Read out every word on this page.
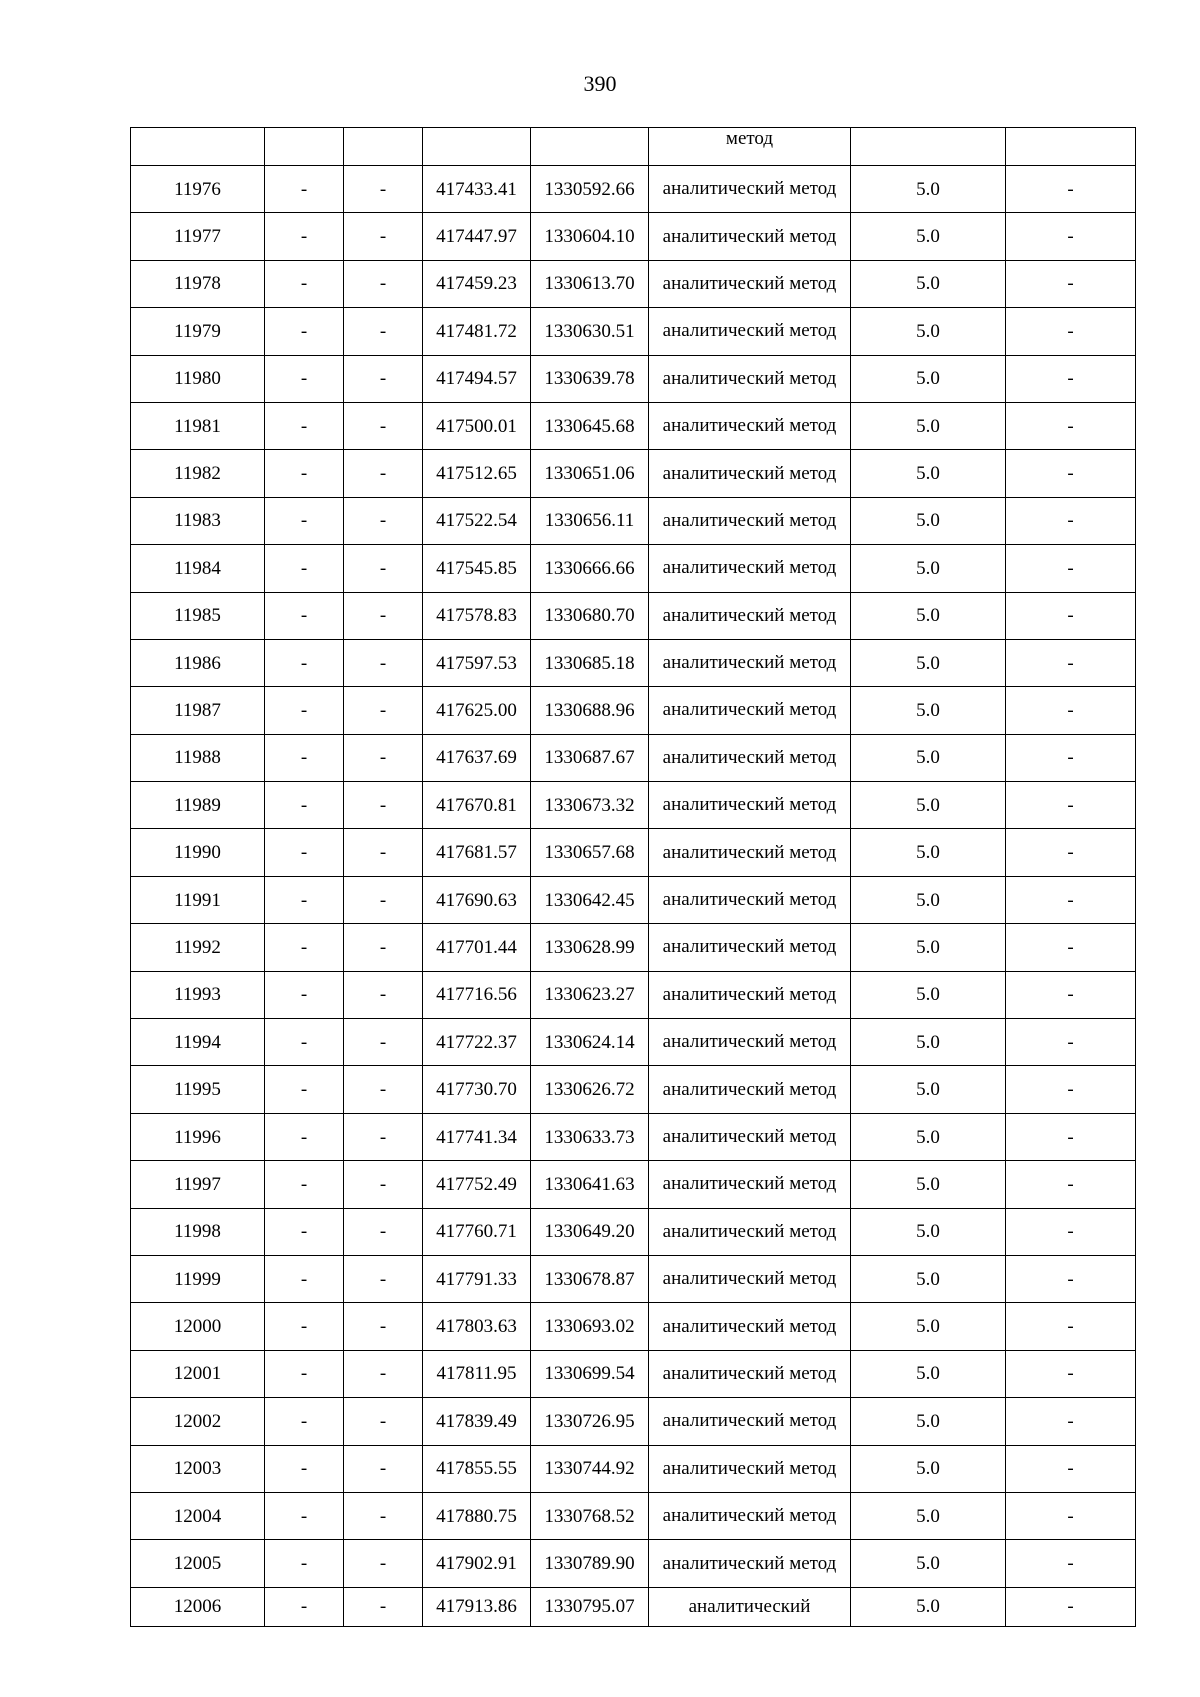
390
					метод		
11976	-	-	417433.41	1330592.66	аналитический метод	5.0	-
11977	-	-	417447.97	1330604.10	аналитический метод	5.0	-
11978	-	-	417459.23	1330613.70	аналитический метод	5.0	-
11979	-	-	417481.72	1330630.51	аналитический метод	5.0	-
11980	-	-	417494.57	1330639.78	аналитический метод	5.0	-
11981	-	-	417500.01	1330645.68	аналитический метод	5.0	-
11982	-	-	417512.65	1330651.06	аналитический метод	5.0	-
11983	-	-	417522.54	1330656.11	аналитический метод	5.0	-
11984	-	-	417545.85	1330666.66	аналитический метод	5.0	-
11985	-	-	417578.83	1330680.70	аналитический метод	5.0	-
11986	-	-	417597.53	1330685.18	аналитический метод	5.0	-
11987	-	-	417625.00	1330688.96	аналитический метод	5.0	-
11988	-	-	417637.69	1330687.67	аналитический метод	5.0	-
11989	-	-	417670.81	1330673.32	аналитический метод	5.0	-
11990	-	-	417681.57	1330657.68	аналитический метод	5.0	-
11991	-	-	417690.63	1330642.45	аналитический метод	5.0	-
11992	-	-	417701.44	1330628.99	аналитический метод	5.0	-
11993	-	-	417716.56	1330623.27	аналитический метод	5.0	-
11994	-	-	417722.37	1330624.14	аналитический метод	5.0	-
11995	-	-	417730.70	1330626.72	аналитический метод	5.0	-
11996	-	-	417741.34	1330633.73	аналитический метод	5.0	-
11997	-	-	417752.49	1330641.63	аналитический метод	5.0	-
11998	-	-	417760.71	1330649.20	аналитический метод	5.0	-
11999	-	-	417791.33	1330678.87	аналитический метод	5.0	-
12000	-	-	417803.63	1330693.02	аналитический метод	5.0	-
12001	-	-	417811.95	1330699.54	аналитический метод	5.0	-
12002	-	-	417839.49	1330726.95	аналитический метод	5.0	-
12003	-	-	417855.55	1330744.92	аналитический метод	5.0	-
12004	-	-	417880.75	1330768.52	аналитический метод	5.0	-
12005	-	-	417902.91	1330789.90	аналитический метод	5.0	-
12006	-	-	417913.86	1330795.07	аналитический	5.0	-
